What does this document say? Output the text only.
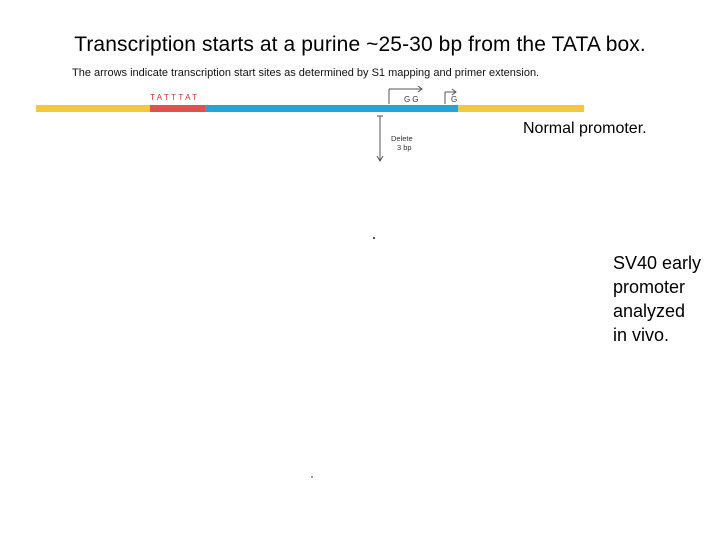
Transcription starts at a purine ~25-30 bp from the TATA box.
The arrows indicate transcription start sites as determined by S1 mapping and primer extension.
TATTTAT	GG	G
Delete 3 bp
Normal promoter.
SV40 early
promoter
analyzed
in vivo.
